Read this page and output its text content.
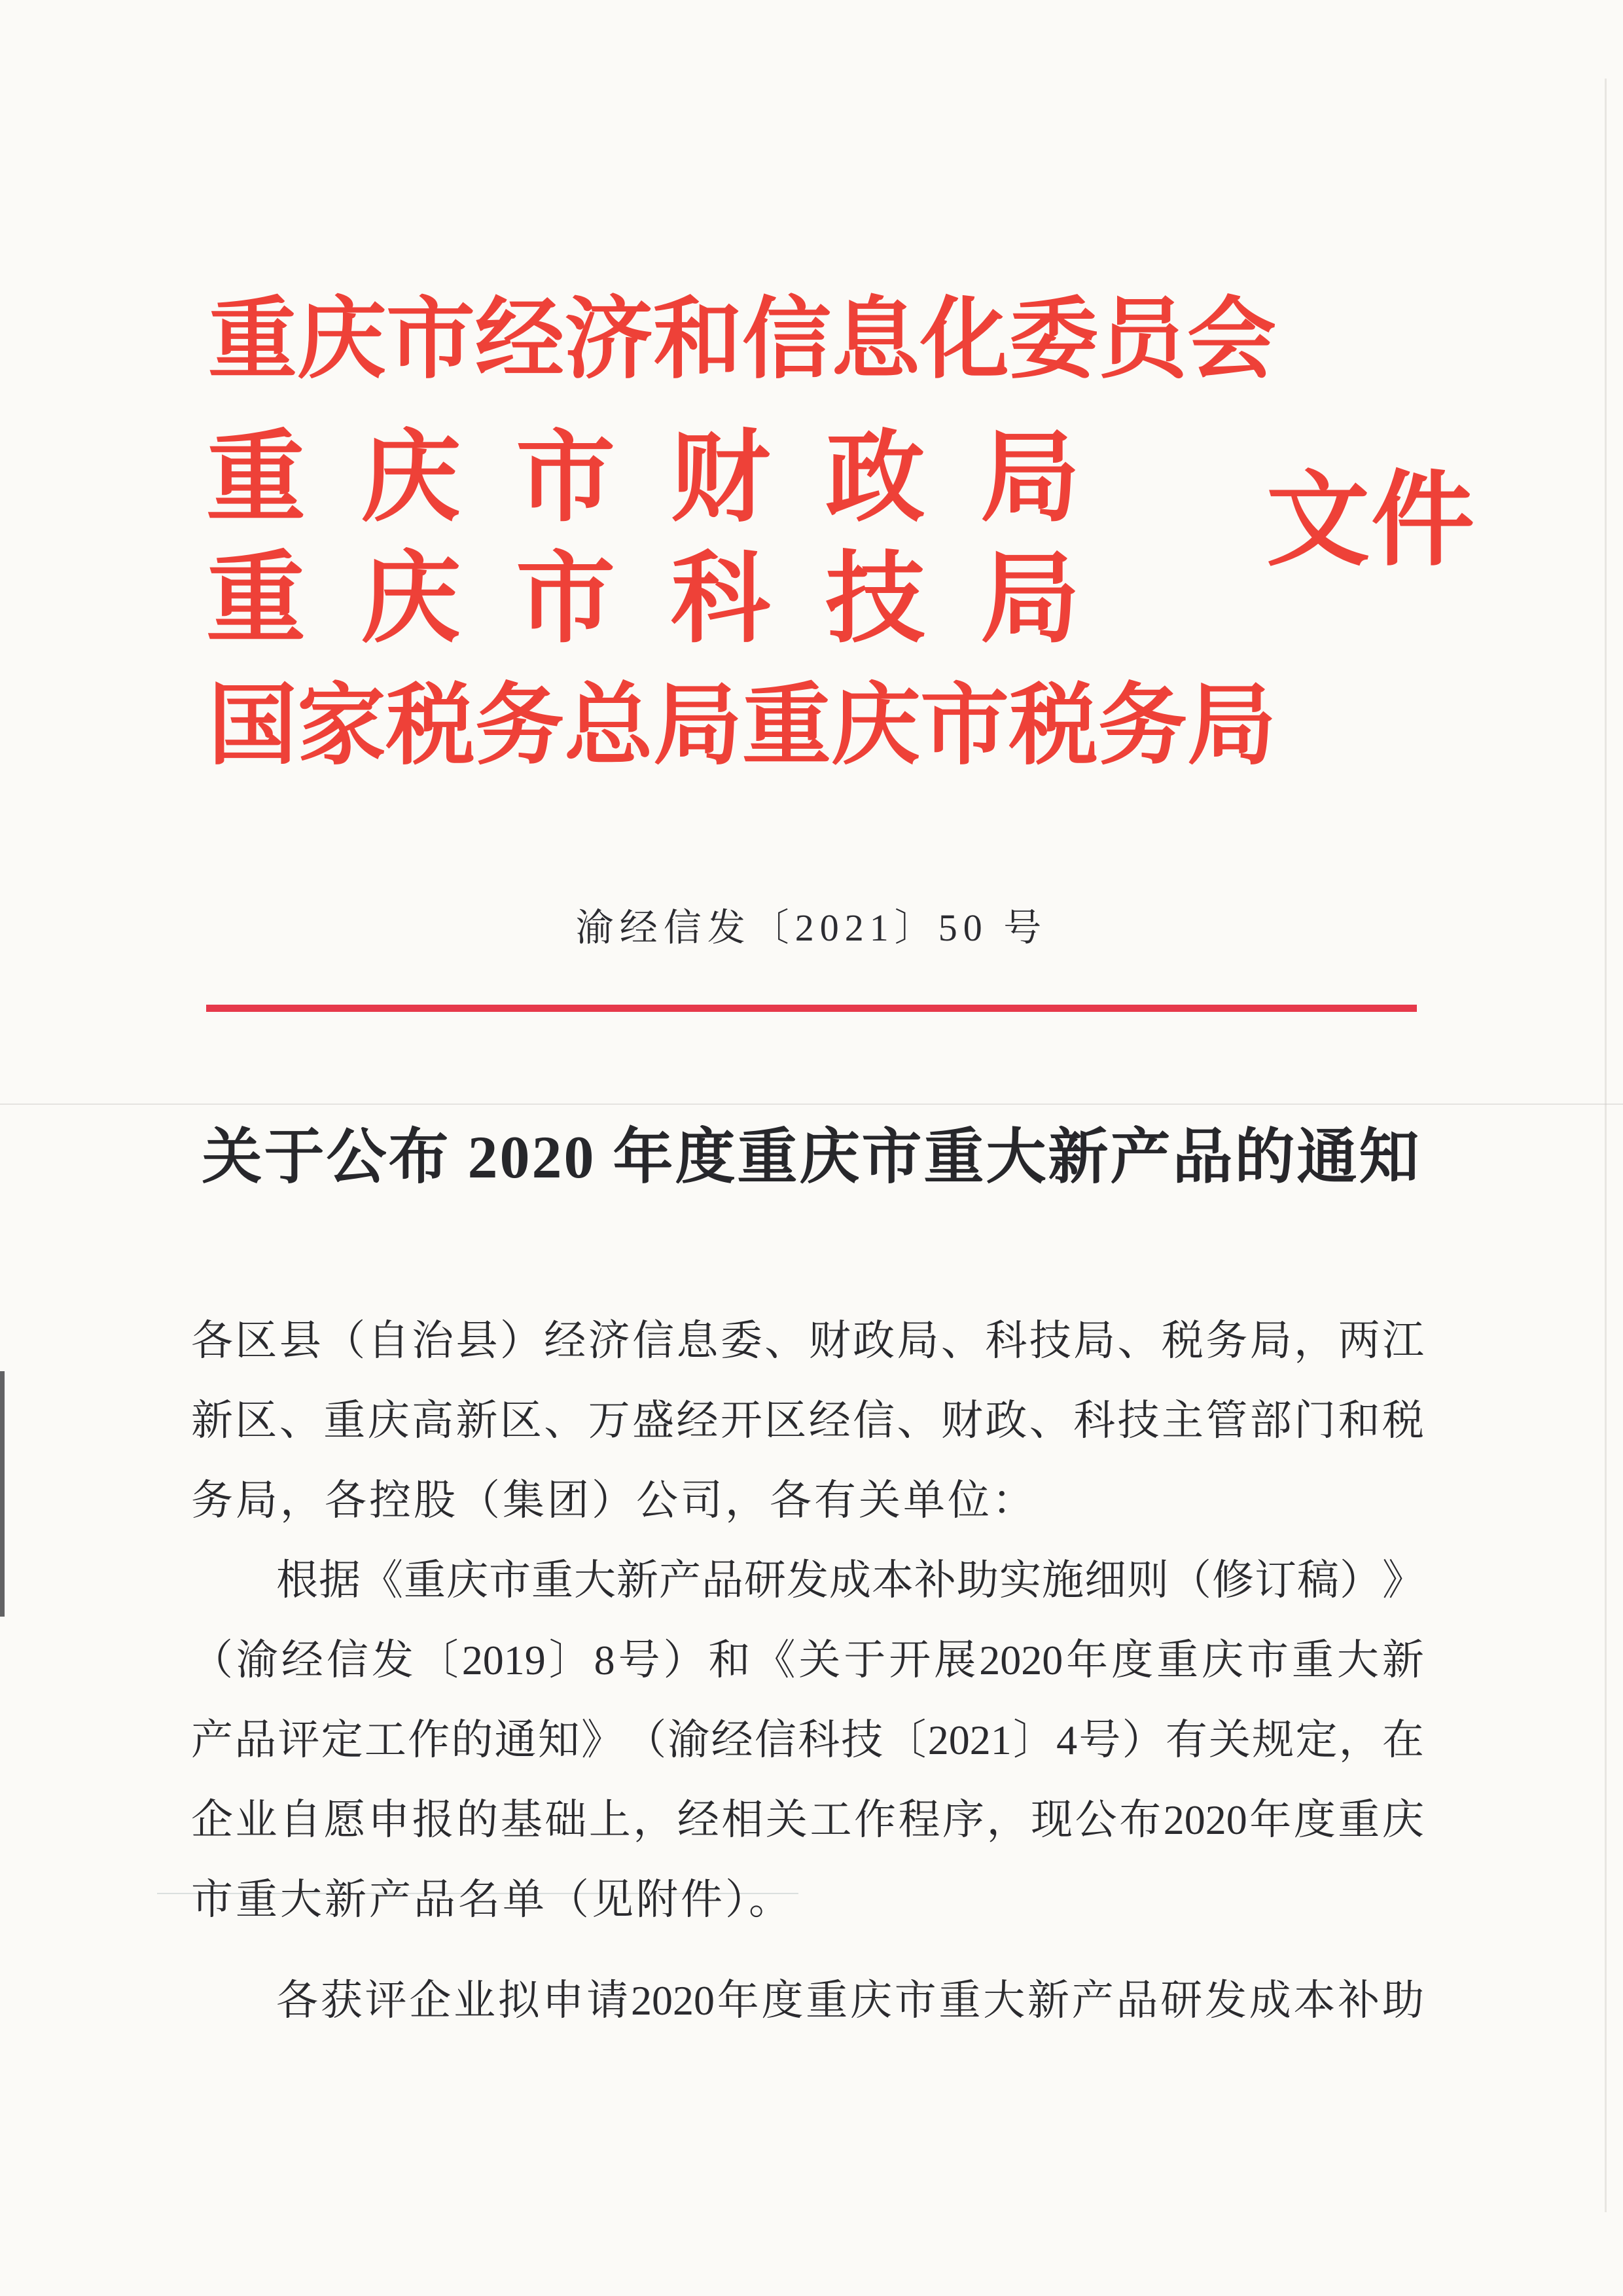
重庆市经济和信息化委员会
重 庆 市 财 政 局
重 庆 市 科 技 局
国家税务总局重庆市税务局
文件
渝经信发〔2021〕50 号
关于公布 2020 年度重庆市重大新产品的通知
各 区 县 （ 自 治 县 ） 经 济 信 息 委 、 财 政 局 、 科 技 局 、 税 务 局 ， 两 江
新 区 、 重 庆 高 新 区 、 万 盛 经 开 区 经 信 、 财 政 、 科 技 主 管 部 门 和 税
务局，各控股（集团）公司，各有关单位：
根 据 《 重 庆 市 重 大 新 产 品 研 发 成 本 补 助 实 施 细 则 （ 修 订 稿 ） 》
（ 渝 经 信 发 〔 2019 〕 8 号 ） 和 《 关 于 开 展 2020 年 度 重 庆 市 重 大 新
产 品 评 定 工 作 的 通 知 》 （ 渝 经 信 科 技 〔 2021 〕 4 号 ） 有 关 规 定 ， 在
企 业 自 愿 申 报 的 基 础 上 ， 经 相 关 工 作 程 序 ， 现 公 布 2020 年 度 重 庆
市重大新产品名单（见附件）。
各 获 评 企 业 拟 申 请 2020 年 度 重 庆 市 重 大 新 产 品 研 发 成 本 补 助
